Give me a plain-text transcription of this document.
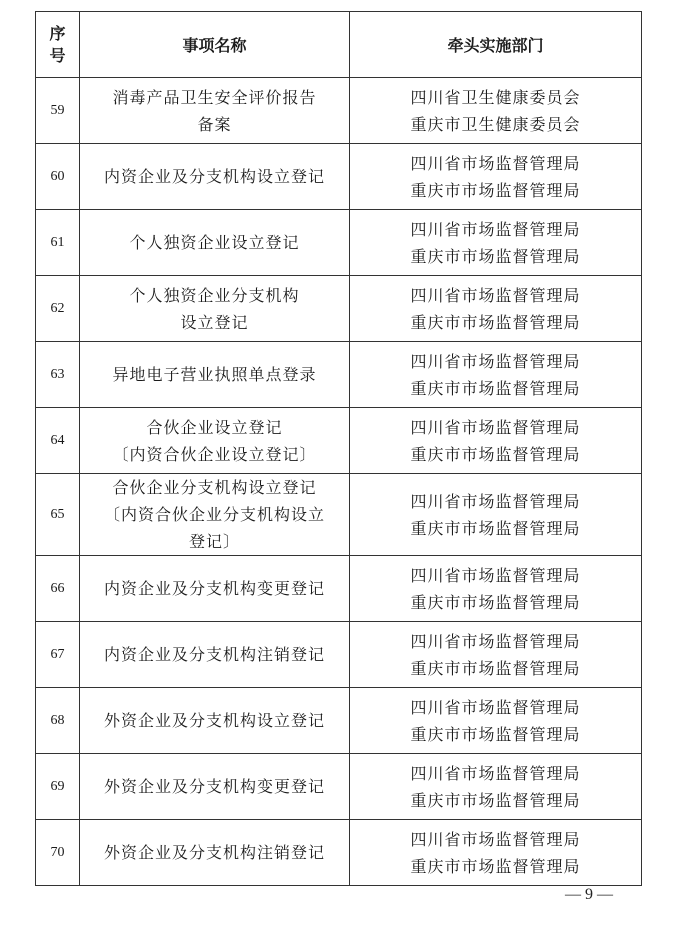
序
号	事项名称	牵头实施部门
59	消毒产品卫生安全评价报告
备案	四川省卫生健康委员会
重庆市卫生健康委员会

60	内资企业及分支机构设立登记	四川省市场监督管理局
重庆市市场监督管理局

61	个人独资企业设立登记	四川省市场监督管理局
重庆市市场监督管理局

62	个人独资企业分支机构
设立登记	四川省市场监督管理局
重庆市市场监督管理局

63	异地电子营业执照单点登录	四川省市场监督管理局
重庆市市场监督管理局

64	合伙企业设立登记
〔内资合伙企业设立登记〕	四川省市场监督管理局
重庆市市场监督管理局

65	合伙企业分支机构设立登记
〔内资合伙企业分支机构设立
登记〕	四川省市场监督管理局
重庆市市场监督管理局

66	内资企业及分支机构变更登记	四川省市场监督管理局
重庆市市场监督管理局

67	内资企业及分支机构注销登记	四川省市场监督管理局
重庆市市场监督管理局

68	外资企业及分支机构设立登记	四川省市场监督管理局
重庆市市场监督管理局

69	外资企业及分支机构变更登记	四川省市场监督管理局
重庆市市场监督管理局

70	外资企业及分支机构注销登记	四川省市场监督管理局
重庆市市场监督管理局
— 9 —
